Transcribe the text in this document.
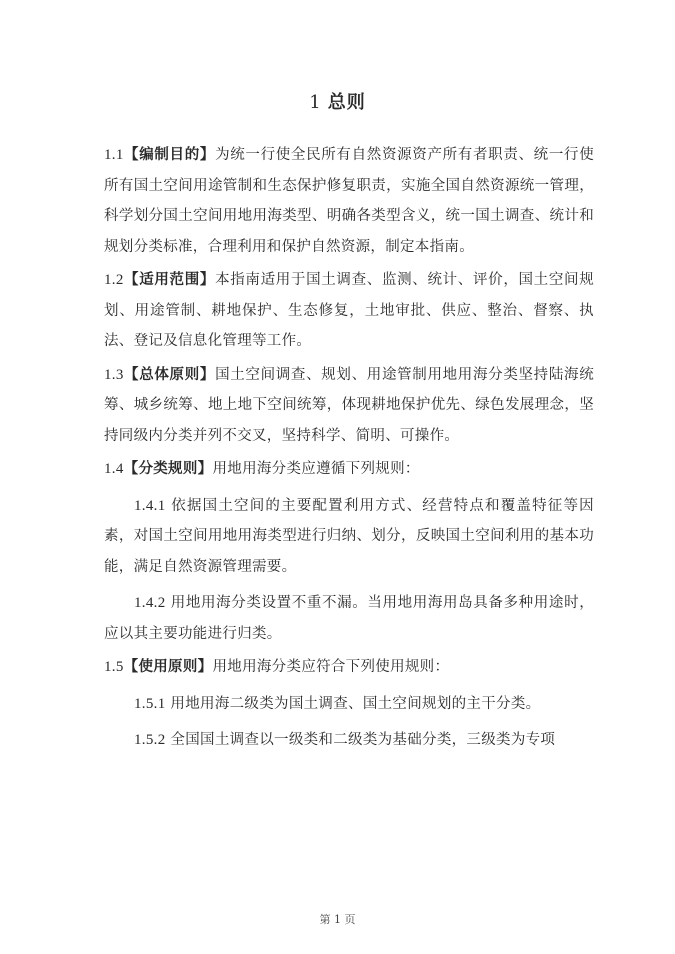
1 总则

1.1【编制目的】为统一行使全民所有自然资源资产所有者职责、统一行使所有国土空间用途管制和生态保护修复职责，实施全国自然资源统一管理，科学划分国土空间用地用海类型、明确各类型含义，统一国土调查、统计和规划分类标准，合理利用和保护自然资源，制定本指南。

1.2【适用范围】本指南适用于国土调查、监测、统计、评价，国土空间规划、用途管制、耕地保护、生态修复，土地审批、供应、整治、督察、执法、登记及信息化管理等工作。

1.3【总体原则】国土空间调查、规划、用途管制用地用海分类坚持陆海统筹、城乡统筹、地上地下空间统筹，体现耕地保护优先、绿色发展理念，坚持同级内分类并列不交叉，坚持科学、简明、可操作。

1.4【分类规则】用地用海分类应遵循下列规则：

1.4.1 依据国土空间的主要配置利用方式、经营特点和覆盖特征等因素，对国土空间用地用海类型进行归纳、划分，反映国土空间利用的基本功能，满足自然资源管理需要。

1.4.2 用地用海分类设置不重不漏。当用地用海用岛具备多种用途时，应以其主要功能进行归类。

1.5【使用原则】用地用海分类应符合下列使用规则：

1.5.1 用地用海二级类为国土调查、国土空间规划的主干分类。

1.5.2 全国国土调查以一级类和二级类为基础分类，三级类为专项

第 1 页
